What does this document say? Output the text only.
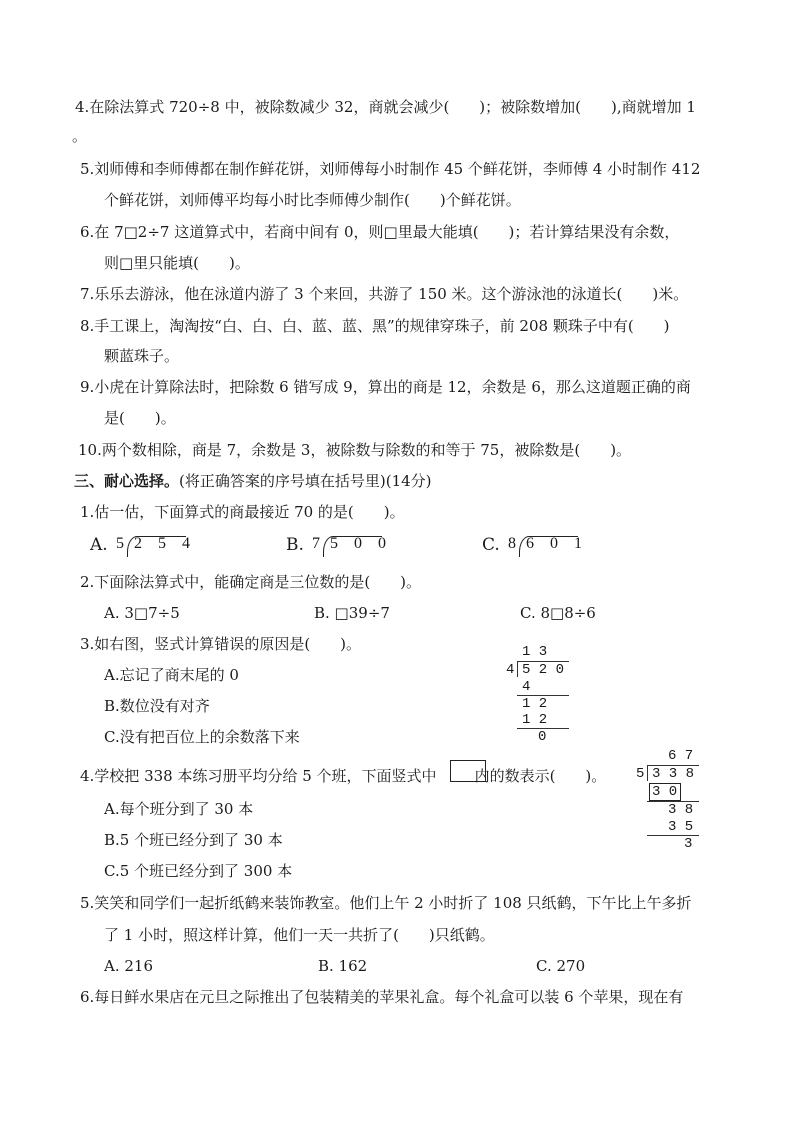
4.在除法算式 720÷8 中，被除数减少 32，商就会减少(　　)；被除数增加(　　),商就增加 1
。
5.刘师傅和李师傅都在制作鲜花饼，刘师傅每小时制作 45 个鲜花饼，李师傅 4 小时制作 412
个鲜花饼，刘师傅平均每小时比李师傅少制作(　　)个鲜花饼。
6.在 7□2÷7 这道算式中，若商中间有 0，则□里最大能填(　　)；若计算结果没有余数，
则□里只能填(　　)。
7.乐乐去游泳，他在泳道内游了 3 个来回，共游了 150 米。这个游泳池的泳道长(　　)米。
8.手工课上，淘淘按“白、白、白、蓝、蓝、黑”的规律穿珠子，前 208 颗珠子中有(　　)
颗蓝珠子。
9.小虎在计算除法时，把除数 6 错写成 9，算出的商是 12，余数是 6，那么这道题正确的商
是(　　)。
10.两个数相除，商是 7，余数是 3，被除数与除数的和等于 75，被除数是(　　)。
三、耐心选择。(将正确答案的序号填在括号里)(14分)
1.估一估，下面算式的商最接近 70 的是(　　)。
A. 5 2 5 4	B. 7 5 0 0	C. 8 6 0 1
2.下面除法算式中，能确定商是三位数的是(　　)。
A. 3□7÷5	B. □39÷7	C. 8□8÷6
3.如右图，竖式计算错误的原因是(　　)。
A.忘记了商末尾的 0
B.数位没有对齐
C.没有把百位上的余数落下来
1 3
4 5 2 0
4
1 2
1 2
0
4.学校把 338 本练习册平均分给 5 个班，下面竖式中	内的数表示(　　)。
A.每个班分到了 30 本
B.5 个班已经分到了 30 本
C.5 个班已经分到了 300 本
6 7
5 3 3 8
3 0
3 8
3 5
3
5.笑笑和同学们一起折纸鹤来装饰教室。他们上午 2 小时折了 108 只纸鹤，下午比上午多折
了 1 小时，照这样计算，他们一天一共折了(　　)只纸鹤。
A. 216	B. 162	C. 270
6.每日鲜水果店在元旦之际推出了包装精美的苹果礼盒。每个礼盒可以装 6 个苹果，现在有
